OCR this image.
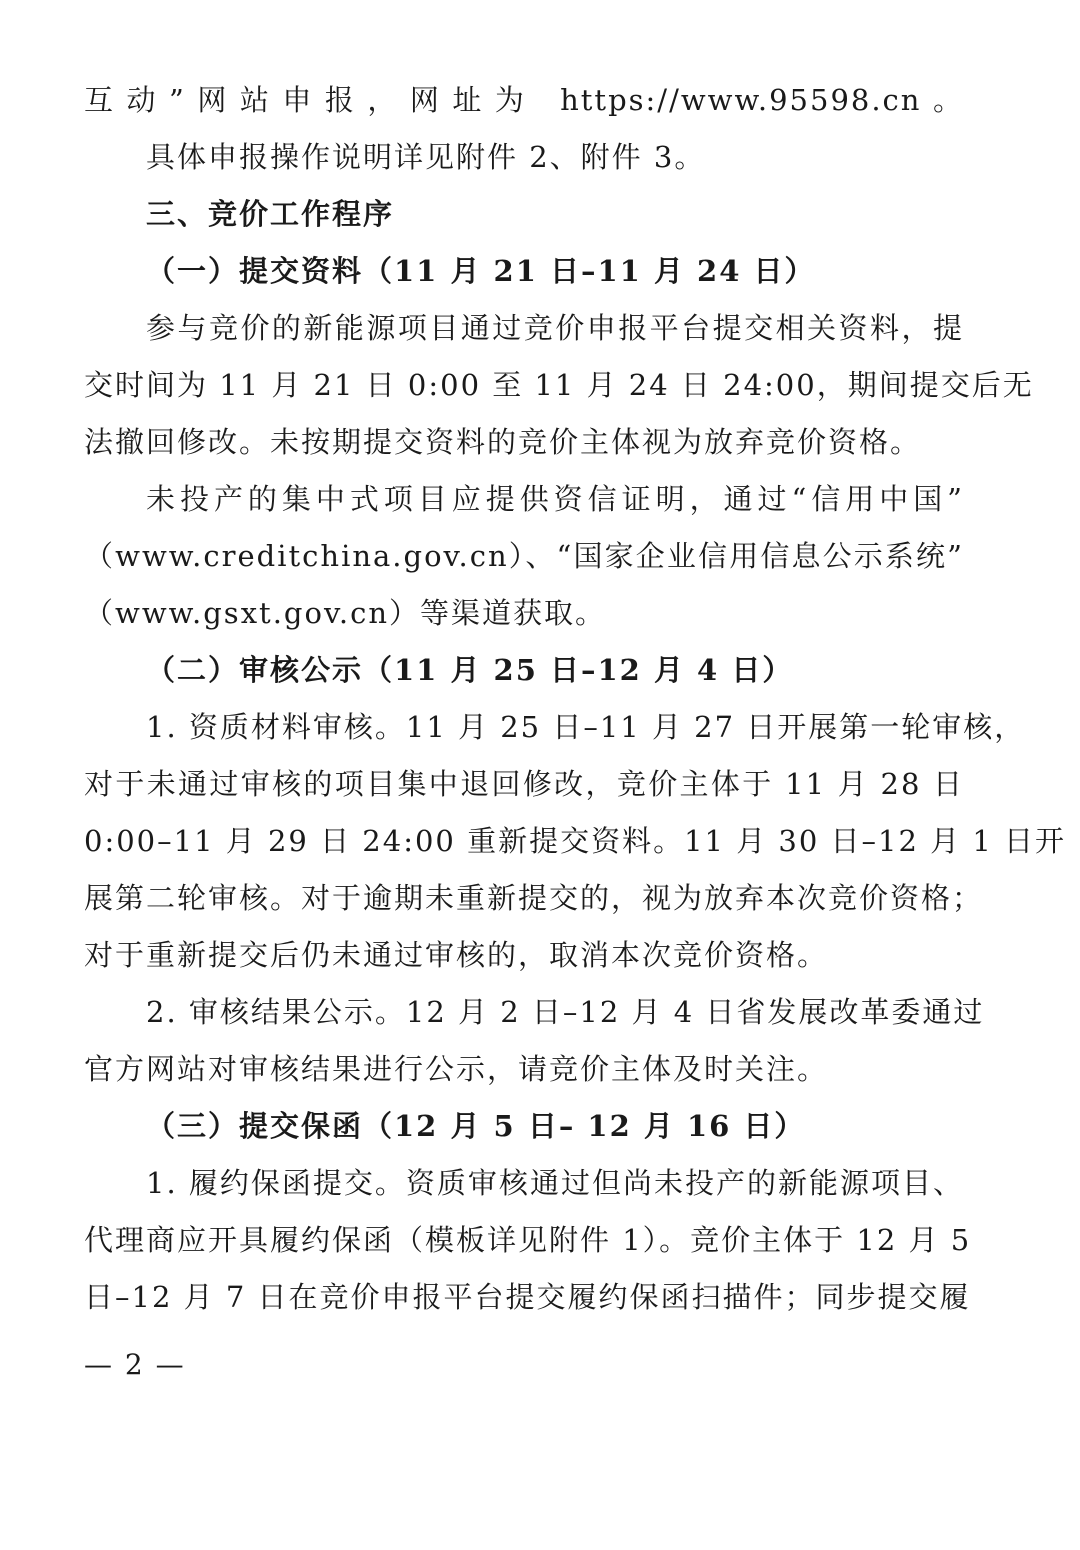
互动”网站申报，网址为 https://www.95598.cn。
具体申报操作说明详见附件 2、附件 3。
三、竞价工作程序
（一）提交资料（11 月 21 日–11 月 24 日）
参与竞价的新能源项目通过竞价申报平台提交相关资料，提
交时间为 11 月 21 日 0:00 至 11 月 24 日 24:00，期间提交后无
法撤回修改。未按期提交资料的竞价主体视为放弃竞价资格。
未投产的集中式项目应提供资信证明，通过“信用中国”
（www.creditchina.gov.cn）、“国家企业信用信息公示系统”
（www.gsxt.gov.cn）等渠道获取。
（二）审核公示（11 月 25 日–12 月 4 日）
1. 资质材料审核。11 月 25 日–11 月 27 日开展第一轮审核，
对于未通过审核的项目集中退回修改，竞价主体于 11 月 28 日
0:00–11 月 29 日 24:00 重新提交资料。11 月 30 日–12 月 1 日开
展第二轮审核。对于逾期未重新提交的，视为放弃本次竞价资格；
对于重新提交后仍未通过审核的，取消本次竞价资格。
2. 审核结果公示。12 月 2 日–12 月 4 日省发展改革委通过
官方网站对审核结果进行公示，请竞价主体及时关注。
（三）提交保函（12 月 5 日– 12 月 16 日）
1. 履约保函提交。资质审核通过但尚未投产的新能源项目、
代理商应开具履约保函（模板详见附件 1）。竞价主体于 12 月 5
日–12 月 7 日在竞价申报平台提交履约保函扫描件；同步提交履
— 2 —
